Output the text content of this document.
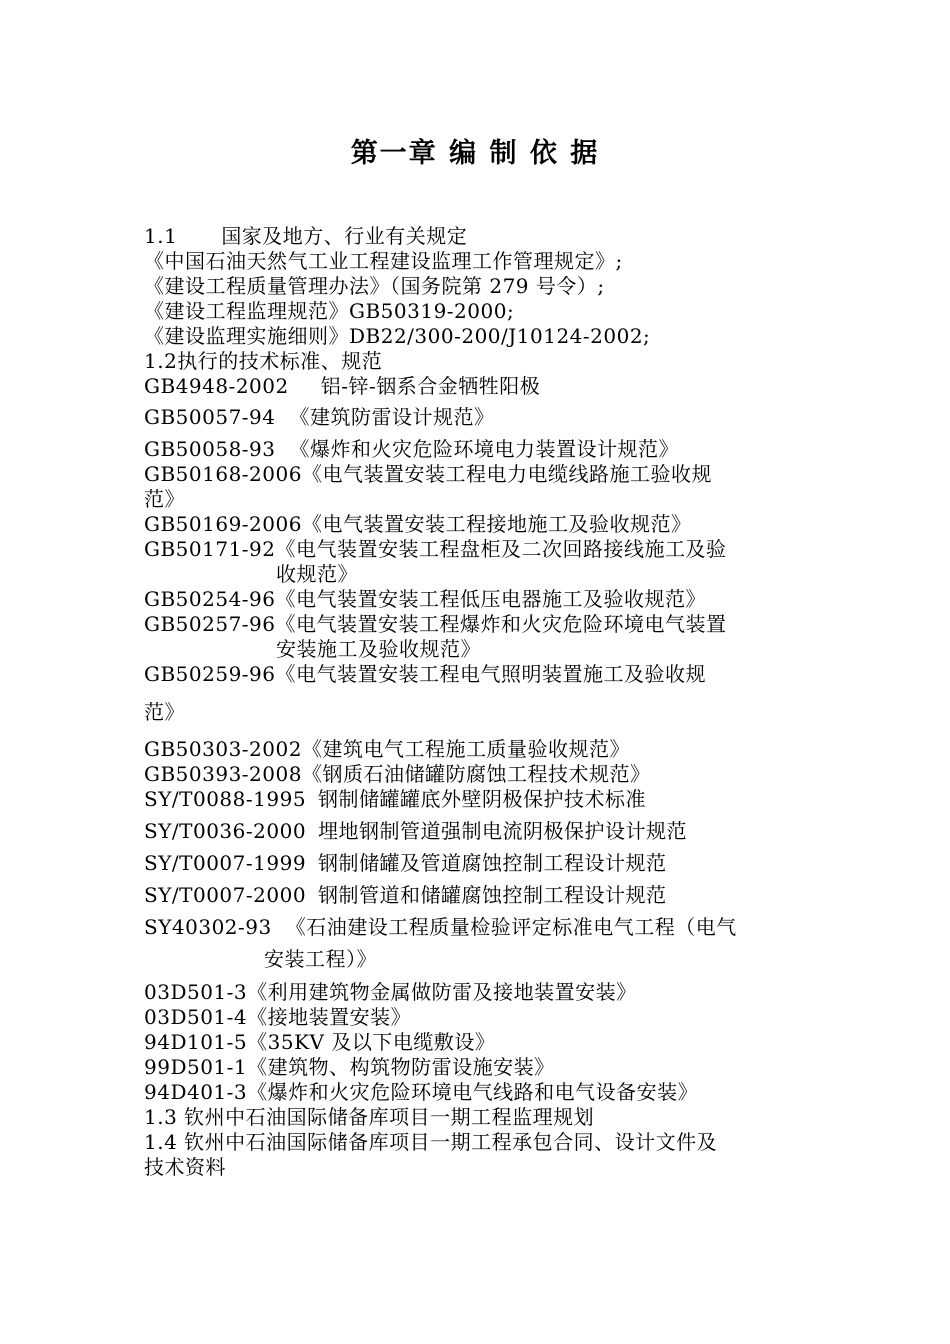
第一章 编 制 依 据
1.1 国家及地方、行业有关规定
《中国石油天然气工业工程建设监理工作管理规定》;
《建设工程质量管理办法》（国务院第 279 号令）;
《建设工程监理规范》GB50319-2000;
《建设监理实施细则》DB22/300-200/J10124-2002;
1.2执行的技术标准、规范
GB4948-2002 铝-锌-铟系合金牺牲阳极
GB50057-94 《建筑防雷设计规范》
GB50058-93 《爆炸和火灾危险环境电力装置设计规范》
GB50168-2006《电气装置安装工程电力电缆线路施工验收规
范》
GB50169-2006《电气装置安装工程接地施工及验收规范》
GB50171-92《电气装置安装工程盘柜及二次回路接线施工及验
收规范》
GB50254-96《电气装置安装工程低压电器施工及验收规范》
GB50257-96《电气装置安装工程爆炸和火灾危险环境电气装置
安装施工及验收规范》
GB50259-96《电气装置安装工程电气照明装置施工及验收规
范》
GB50303-2002《建筑电气工程施工质量验收规范》
GB50393-2008《钢质石油储罐防腐蚀工程技术规范》
SY/T0088-1995 钢制储罐罐底外壁阴极保护技术标准
SY/T0036-2000 埋地钢制管道强制电流阴极保护设计规范
SY/T0007-1999 钢制储罐及管道腐蚀控制工程设计规范
SY/T0007-2000 钢制管道和储罐腐蚀控制工程设计规范
SY40302-93 《石油建设工程质量检验评定标准电气工程（电气
安装工程）》
03D501-3《利用建筑物金属做防雷及接地装置安装》
03D501-4《接地装置安装》
94D101-5《35KV 及以下电缆敷设》
99D501-1《建筑物、构筑物防雷设施安装》
94D401-3《爆炸和火灾危险环境电气线路和电气设备安装》
1.3 钦州中石油国际储备库项目一期工程监理规划
1.4 钦州中石油国际储备库项目一期工程承包合同、设计文件及
技术资料
